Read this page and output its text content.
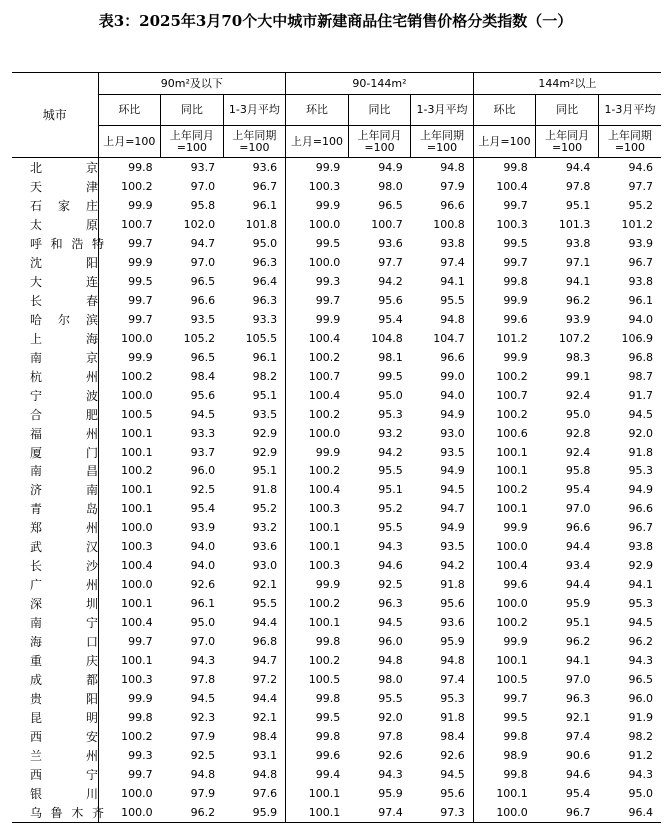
表3：2025年3月70个大中城市新建商品住宅销售价格分类指数（一）
城市	90m²及以下			90-144m²			144m²以上		
	环比	同比	1-3月平均	环比	同比	1-3月平均	环比	同比	1-3月平均
	上月=100	上年同月=100	上年同期=100	上月=100	上年同月=100	上年同期=100	上月=100	上年同月=100	上年同期=100

北京	99.8	93.7	93.6	99.9	94.9	94.8	99.8	94.4	94.6

天津	100.2	97.0	96.7	100.3	98.0	97.9	100.4	97.8	97.7

石家庄	99.9	95.8	96.1	99.9	96.5	96.6	99.7	95.1	95.2

太原	100.7	102.0	101.8	100.0	100.7	100.8	100.3	101.3	101.2

呼和浩特	99.7	94.7	95.0	99.5	93.6	93.8	99.5	93.8	93.9

沈阳	99.9	97.0	96.3	100.0	97.7	97.4	99.7	97.1	96.7

大连	99.5	96.5	96.4	99.3	94.2	94.1	99.8	94.1	93.8

长春	99.7	96.6	96.3	99.7	95.6	95.5	99.9	96.2	96.1

哈尔滨	99.7	93.5	93.3	99.9	95.4	94.8	99.6	93.9	94.0

上海	100.0	105.2	105.5	100.4	104.8	104.7	101.2	107.2	106.9

南京	99.9	96.5	96.1	100.2	98.1	96.6	99.9	98.3	96.8

杭州	100.2	98.4	98.2	100.7	99.5	99.0	100.2	99.1	98.7

宁波	100.0	95.6	95.1	100.4	95.0	94.0	100.7	92.4	91.7

合肥	100.5	94.5	93.5	100.2	95.3	94.9	100.2	95.0	94.5

福州	100.1	93.3	92.9	100.0	93.2	93.0	100.6	92.8	92.0

厦门	100.1	93.7	92.9	99.9	94.2	93.5	100.1	92.4	91.8

南昌	100.2	96.0	95.1	100.2	95.5	94.9	100.1	95.8	95.3

济南	100.1	92.5	91.8	100.4	95.1	94.5	100.2	95.4	94.9

青岛	100.1	95.4	95.2	100.3	95.2	94.7	100.1	97.0	96.6

郑州	100.0	93.9	93.2	100.1	95.5	94.9	99.9	96.6	96.7

武汉	100.3	94.0	93.6	100.1	94.3	93.5	100.0	94.4	93.8

长沙	100.4	94.0	93.0	100.3	94.6	94.2	100.4	93.4	92.9

广州	100.0	92.6	92.1	99.9	92.5	91.8	99.6	94.4	94.1

深圳	100.1	96.1	95.5	100.2	96.3	95.6	100.0	95.9	95.3

南宁	100.4	95.0	94.4	100.1	94.5	93.6	100.2	95.1	94.5

海口	99.7	97.0	96.8	99.8	96.0	95.9	99.9	96.2	96.2

重庆	100.1	94.3	94.7	100.2	94.8	94.8	100.1	94.1	94.3

成都	100.3	97.8	97.2	100.5	98.0	97.4	100.5	97.0	96.5

贵阳	99.9	94.5	94.4	99.8	95.5	95.3	99.7	96.3	96.0

昆明	99.8	92.3	92.1	99.5	92.0	91.8	99.5	92.1	91.9

西安	100.2	97.9	98.4	99.8	97.8	98.4	99.8	97.4	98.2

兰州	99.3	92.5	93.1	99.6	92.6	92.6	98.9	90.6	91.2

西宁	99.7	94.8	94.8	99.4	94.3	94.5	99.8	94.6	94.3

银川	100.0	97.9	97.6	100.1	95.9	95.6	100.1	95.4	95.0

乌鲁木齐	100.0	96.2	95.9	100.1	97.4	97.3	100.0	96.7	96.4
